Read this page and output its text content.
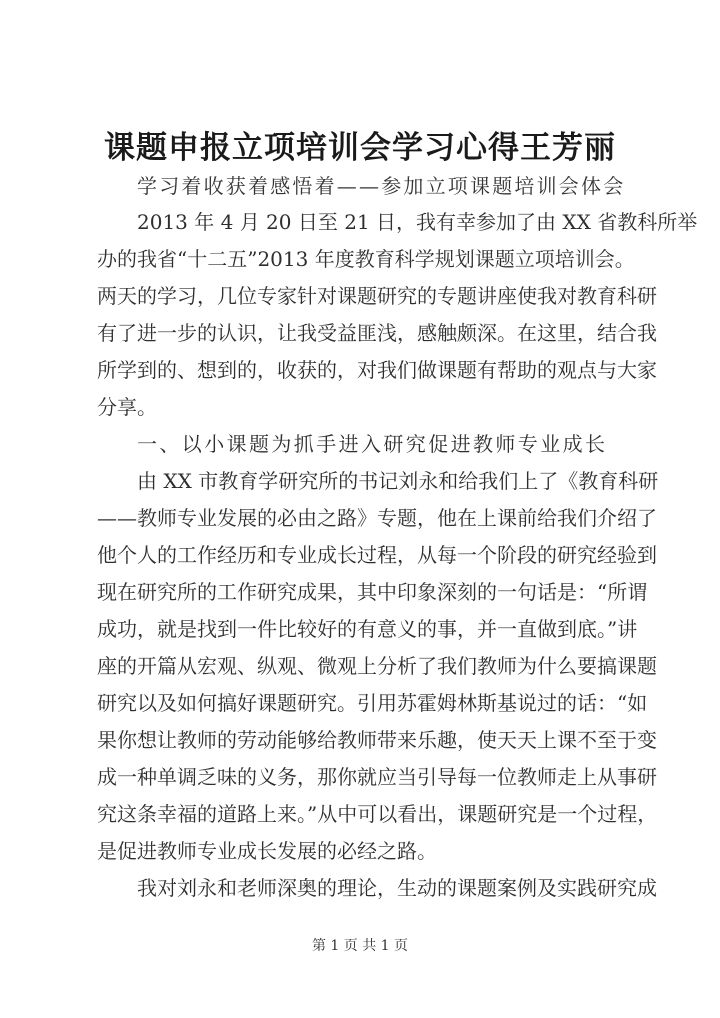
课题申报立项培训会学习心得王芳丽
学习着收获着感悟着——参加立项课题培训会体会
2013 年 4 月 20 日至 21 日，我有幸参加了由 XX 省教科所举
办的我省“十二五”2013 年度教育科学规划课题立项培训会。
两天的学习，几位专家针对课题研究的专题讲座使我对教育科研
有了进一步的认识，让我受益匪浅，感触颇深。在这里，结合我
所学到的、想到的，收获的，对我们做课题有帮助的观点与大家
分享。
一、以小课题为抓手进入研究促进教师专业成长
由 XX 市教育学研究所的书记刘永和给我们上了《教育科研
——教师专业发展的必由之路》专题，他在上课前给我们介绍了
他个人的工作经历和专业成长过程，从每一个阶段的研究经验到
现在研究所的工作研究成果，其中印象深刻的一句话是：“所谓
成功，就是找到一件比较好的有意义的事，并一直做到底。”讲
座的开篇从宏观、纵观、微观上分析了我们教师为什么要搞课题
研究以及如何搞好课题研究。引用苏霍姆林斯基说过的话：“如
果你想让教师的劳动能够给教师带来乐趣，使天天上课不至于变
成一种单调乏味的义务，那你就应当引导每一位教师走上从事研
究这条幸福的道路上来。”从中可以看出，课题研究是一个过程，
是促进教师专业成长发展的必经之路。
我对刘永和老师深奥的理论，生动的课题案例及实践研究成
第 1 页 共 1 页
